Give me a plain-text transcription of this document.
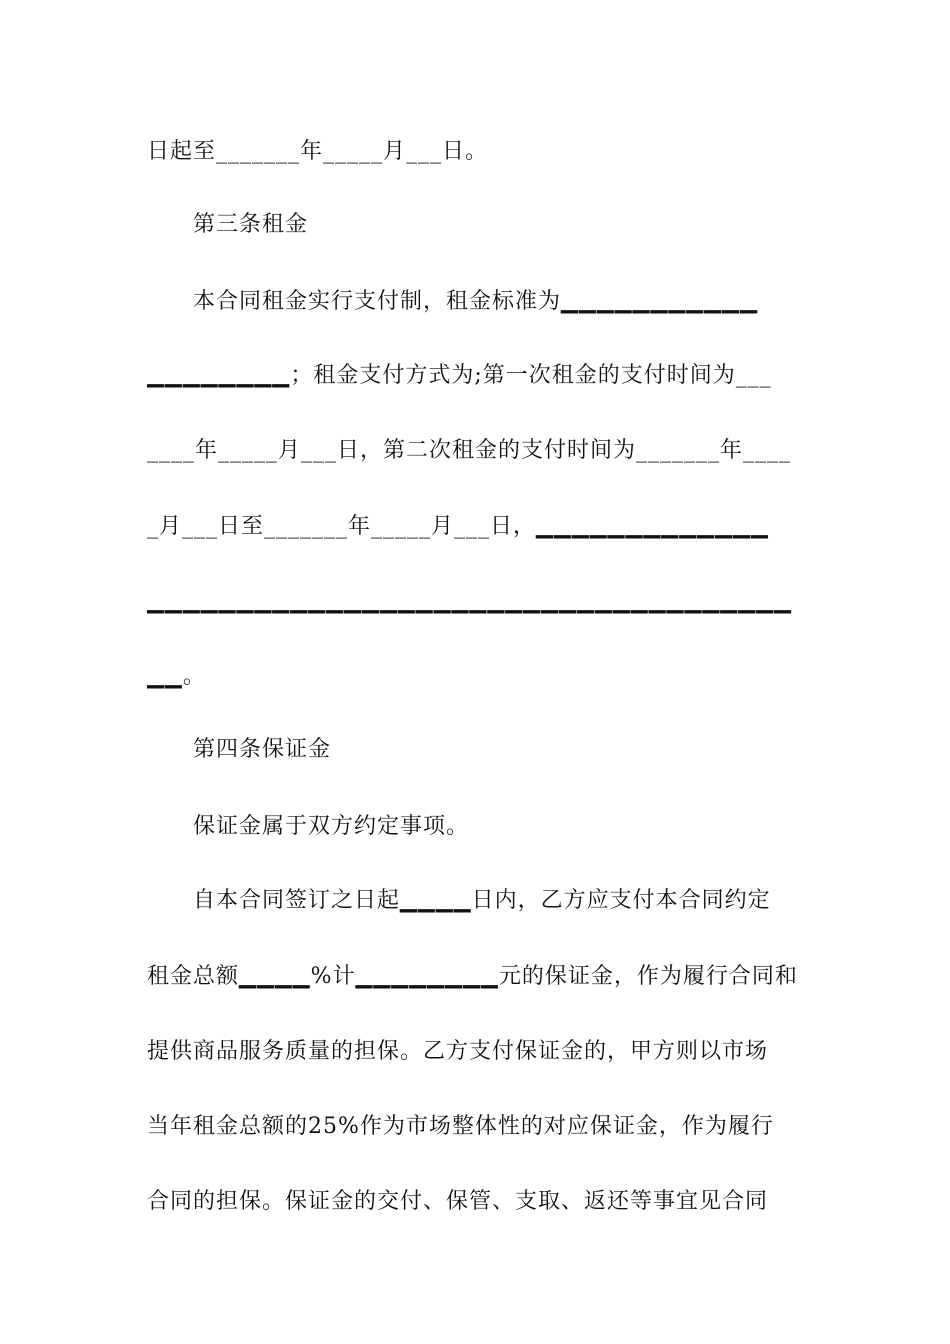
日起至_______年_____月___日。
第三条租金
本合同租金实行支付制，租金标准为▁▁▁▁▁▁▁▁▁▁▁
▁▁▁▁▁▁▁▁；租金支付方式为;第一次租金的支付时间为___
____年_____月___日，第二次租金的支付时间为_______年____
_月___日至_______年_____月___日，▁▁▁▁▁▁▁▁▁▁▁▁▁
▁▁▁▁▁▁▁▁▁▁▁▁▁▁▁▁▁▁▁▁▁▁▁▁▁▁▁▁▁▁▁▁▁▁▁▁
▁▁。
第四条保证金
保证金属于双方约定事项。
自本合同签订之日起▁▁▁▁日内，乙方应支付本合同约定
租金总额▁▁▁▁%计▁▁▁▁▁▁▁▁元的保证金，作为履行合同和
提供商品服务质量的担保。乙方支付保证金的，甲方则以市场
当年租金总额的25%作为市场整体性的对应保证金，作为履行
合同的担保。保证金的交付、保管、支取、返还等事宜见合同
